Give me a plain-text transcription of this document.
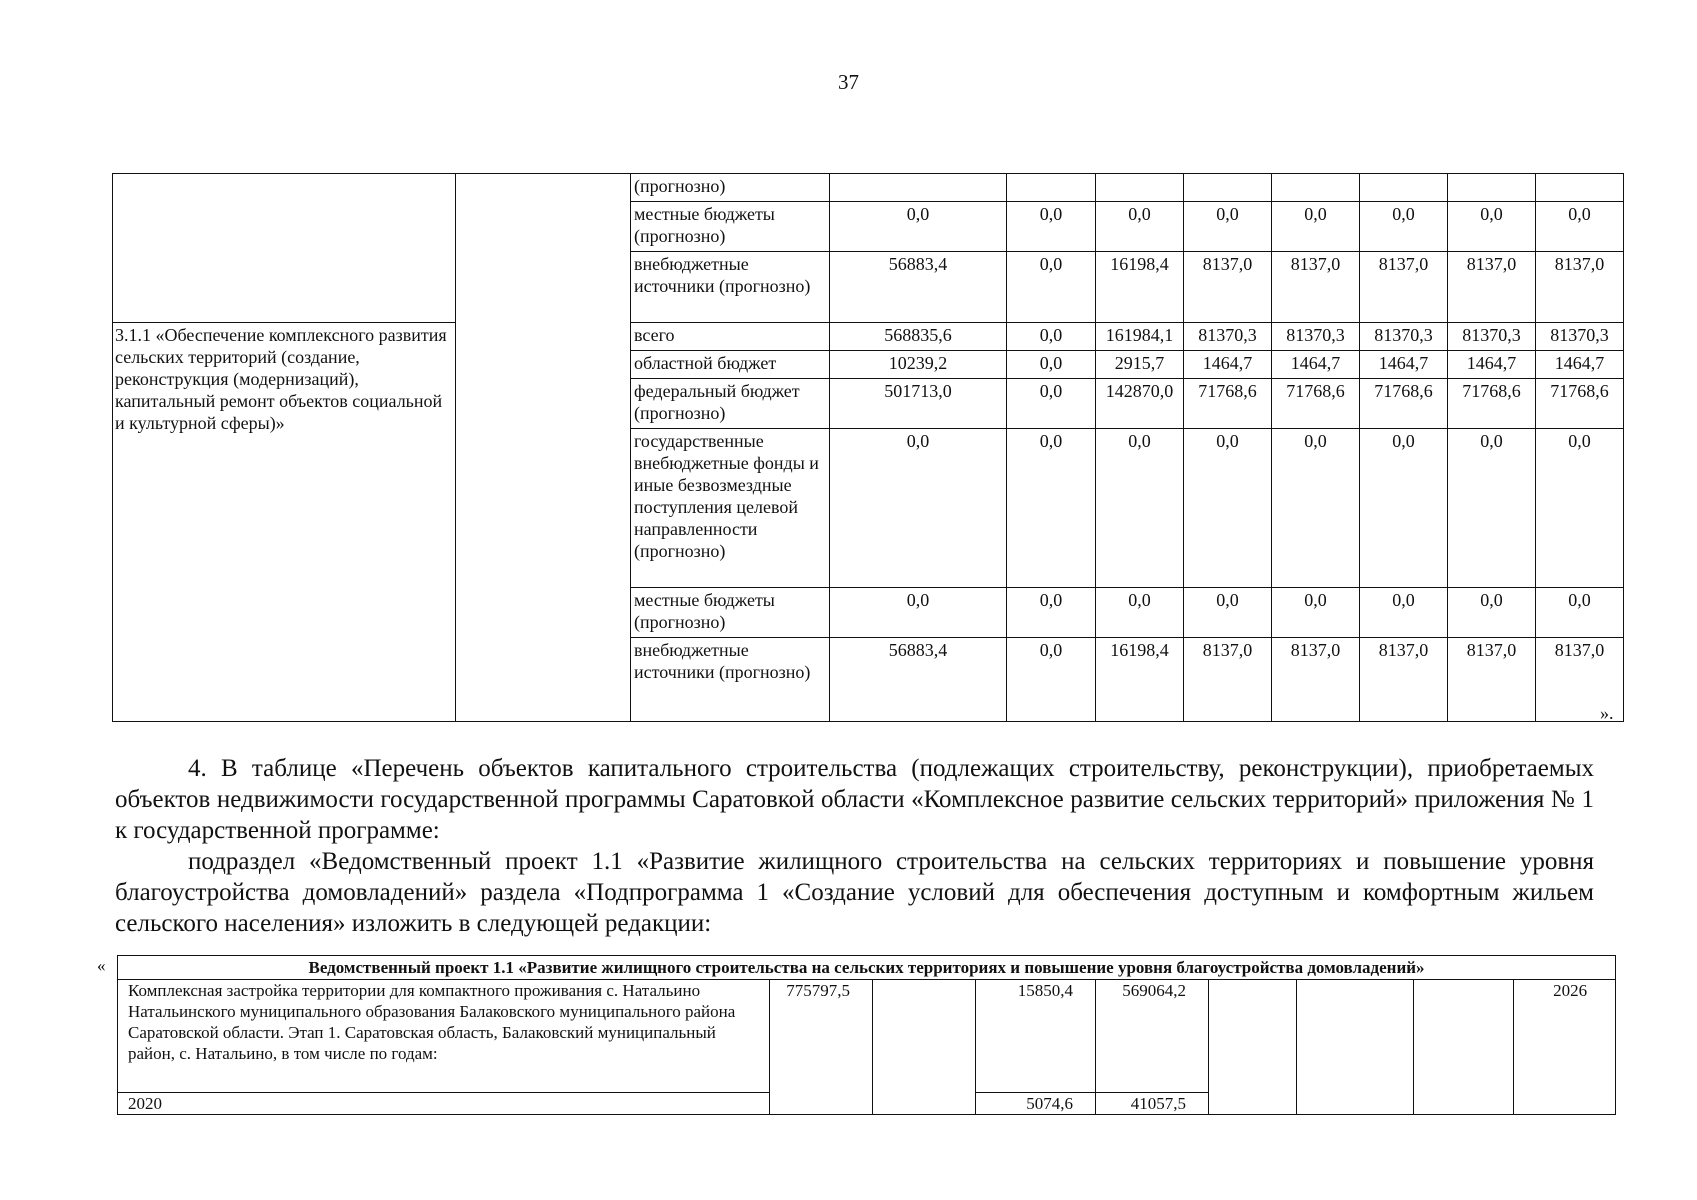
37
		(прогнозно)								
		местные бюджеты (прогнозно)	0,0	0,0	0,0	0,0	0,0	0,0	0,0	0,0
		внебюджетные источники (прогнозно)	56883,4	0,0	16198,4	8137,0	8137,0	8137,0	8137,0	8137,0
3.1.1 «Обеспечение комплексного развития сельских территорий (создание, реконструкция (модернизаций), капитальный ремонт объектов социальной и культурной сферы)»		всего	568835,6	0,0	161984,1	81370,3	81370,3	81370,3	81370,3	81370,3
		областной бюджет	10239,2	0,0	2915,7	1464,7	1464,7	1464,7	1464,7	1464,7
		федеральный бюджет (прогнозно)	501713,0	0,0	142870,0	71768,6	71768,6	71768,6	71768,6	71768,6
		государственные внебюджетные фонды и иные безвозмездные поступления целевой направленности (прогнозно)	0,0	0,0	0,0	0,0	0,0	0,0	0,0	0,0
		местные бюджеты (прогнозно)	0,0	0,0	0,0	0,0	0,0	0,0	0,0	0,0
		внебюджетные источники (прогнозно)	56883,4	0,0	16198,4	8137,0	8137,0	8137,0	8137,0	8137,0
».
4. В таблице «Перечень объектов капитального строительства (подлежащих строительству, реконструкции), приобретаемых объектов недвижимости государственной программы Саратовкой области «Комплексное развитие сельских территорий» приложения № 1 к государственной программе:
подраздел «Ведомственный проект 1.1 «Развитие жилищного строительства на сельских территориях и повышение уровня благоустройства домовладений» раздела «Подпрограмма 1 «Создание условий для обеспечения доступным и комфортным жильем сельского населения» изложить в следующей редакции:
«	Ведомственный проект 1.1 «Развитие жилищного строительства на сельских территориях и повышение уровня благоустройства домовладений»								
Комплексная застройка территории для компактного проживания с. Натальино Натальинского муниципального образования Балаковского муниципального района Саратовской области. Этап 1. Саратовская область, Балаковский муниципальный район, с. Натальино, в том числе по годам:	775797,5		15850,4	569064,2				2026
2020			5074,6	41057,5				
